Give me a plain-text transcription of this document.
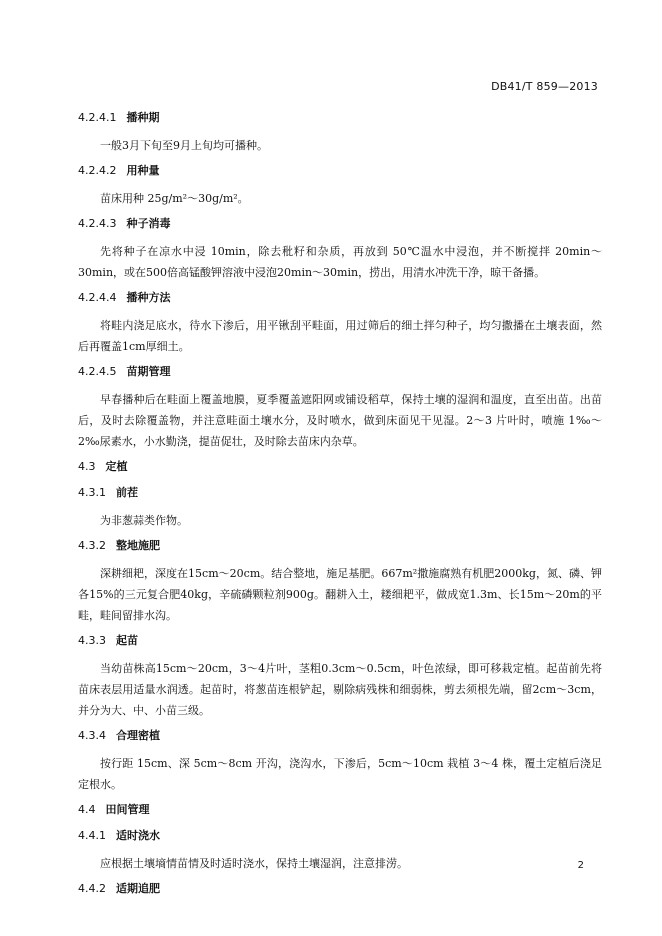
DB41/T 859—2013
4.2.4.1 播种期

一般3月下旬至9月上旬均可播种。

4.2.4.2 用种量

苗床用种 25g/m²～30g/m²。

4.2.4.3 种子消毒

先将种子在凉水中浸 10min，除去秕籽和杂质，再放到 50℃温水中浸泡，并不断搅拌 20min～30min，或在500倍高锰酸钾溶液中浸泡20min～30min，捞出，用清水冲洗干净，晾干备播。

4.2.4.4 播种方法

将畦内浇足底水，待水下渗后，用平锹刮平畦面，用过筛后的细土拌匀种子，均匀撒播在土壤表面，然后再覆盖1cm厚细土。

4.2.4.5 苗期管理

早春播种后在畦面上覆盖地膜，夏季覆盖遮阳网或铺设稻草，保持土壤的湿润和温度，直至出苗。出苗后，及时去除覆盖物，并注意畦面土壤水分，及时喷水，做到床面见干见湿。2～3 片叶时，喷施 1‰～2‰尿素水，小水勤浇，提苗促壮，及时除去苗床内杂草。

4.3 定植
4.3.1 前茬

为非葱蒜类作物。

4.3.2 整地施肥

深耕细耙，深度在15cm～20cm。结合整地，施足基肥。667m²撒施腐熟有机肥2000kg，氮、磷、钾各15%的三元复合肥40kg，辛硫磷颗粒剂900g。翻耕入土，耧细耙平，做成宽1.3m、长15m～20m的平畦，畦间留排水沟。

4.3.3 起苗

当幼苗株高15cm～20cm，3～4片叶，茎粗0.3cm～0.5cm，叶色浓绿，即可移栽定植。起苗前先将苗床表层用适量水润透。起苗时，将葱苗连根铲起，剔除病残株和细弱株，剪去须根先端，留2cm～3cm，并分为大、中、小苗三级。

4.3.4 合理密植

按行距 15cm、深 5cm～8cm 开沟，浇沟水，下渗后，5cm～10cm 栽植 3～4 株，覆土定植后浇足定根水。

4.4 田间管理
4.4.1 适时浇水

应根据土壤墒情苗情及时适时浇水，保持土壤湿润，注意排涝。

4.4.2 适期追肥
2
